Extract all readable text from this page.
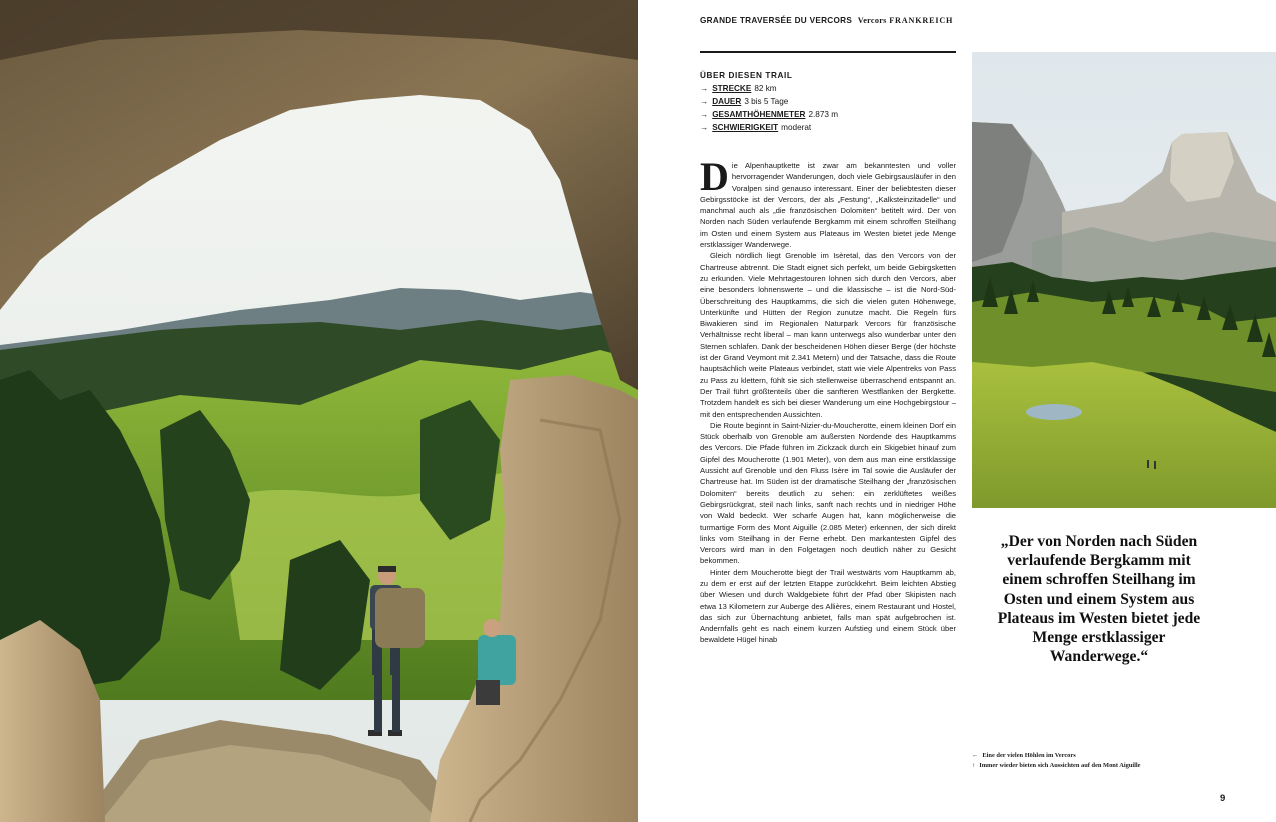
GRANDE TRAVERSÉE DU VERCORS Vercors FRANKREICH
ÜBER DIESEN TRAIL
→ STRECKE 82 km
→ DAUER 3 bis 5 Tage
→ GESAMTHÖHENMETER 2.873 m
→ SCHWIERIGKEIT moderat

Die Alpenhauptkette ist zwar am bekanntesten und voller hervorragender Wanderungen, doch viele Gebirgsausläufer in den Voralpen sind genauso interessant. Einer der beliebtesten dieser Gebirgsstöcke ist der Vercors, der als „Festung“, „Kalksteinzitadelle“ und manchmal auch als „die französischen Dolomiten“ betitelt wird. Der von Norden nach Süden verlaufende Bergkamm mit einem schroffen Steilhang im Osten und einem System aus Plateaus im Westen bietet jede Menge erstklassiger Wanderwege.

Gleich nördlich liegt Grenoble im Isèretal, das den Vercors von der Chartreuse abtrennt. Die Stadt eignet sich perfekt, um beide Gebirgsketten zu erkunden. Viele Mehrtagestouren lohnen sich durch den Vercors, aber eine besonders lohnenswerte – und die klassische – ist die Nord-Süd-Überschreitung des Hauptkamms, die sich die vielen guten Höhenwege, Unterkünfte und Hütten der Region zunutze macht. Die Regeln fürs Biwakieren sind im Regionalen Naturpark Vercors für französische Verhältnisse recht liberal – man kann unterwegs also wunderbar unter den Sternen schlafen. Dank der bescheidenen Höhen dieser Berge (der höchste ist der Grand Veymont mit 2.341 Metern) und der Tatsache, dass die Route hauptsächlich weite Plateaus verbindet, statt wie viele Alpentreks von Pass zu Pass zu klettern, fühlt sie sich stellenweise überraschend entspannt an. Der Trail führt größtenteils über die sanfteren Westflanken der Bergkette. Trotzdem handelt es sich bei dieser Wanderung um eine Hochgebirgstour – mit den entsprechenden Aussichten.

Die Route beginnt in Saint-Nizier-du-Moucherotte, einem kleinen Dorf ein Stück oberhalb von Grenoble am äußersten Nordende des Hauptkamms des Vercors. Die Pfade führen im Zickzack durch ein Skigebiet hinauf zum Gipfel des Moucherotte (1.901 Meter), von dem aus man eine erstklassige Aussicht auf Grenoble und den Fluss Isère im Tal sowie die Ausläufer der Chartreuse hat. Im Süden ist der dramatische Steilhang der „französischen Dolomiten“ bereits deutlich zu sehen: ein zerklüftetes weißes Gebirgsrückgrat, steil nach links, sanft nach rechts und in niedriger Höhe von Wald bedeckt. Wer scharfe Augen hat, kann möglicherweise die turmartige Form des Mont Aiguille (2.085 Meter) erkennen, der sich direkt links vom Steilhang in der Ferne erhebt. Den markantesten Gipfel des Vercors wird man in den Folgetagen noch deutlich näher zu Gesicht bekommen.

Hinter dem Moucherotte biegt der Trail westwärts vom Hauptkamm ab, zu dem er erst auf der letzten Etappe zurückkehrt. Beim leichten Abstieg über Wiesen und durch Waldgebiete führt der Pfad über Skipisten nach etwa 13 Kilometern zur Auberge des Allières, einem Restaurant und Hostel, das sich zur Übernachtung anbietet, falls man spät aufgebrochen ist. Andernfalls geht es nach einem kurzen Aufstieg und einem Stück über bewaldete Hügel hinab

„Der von Norden nach Süden verlaufende Bergkamm mit einem schroffen Steilhang im Osten und einem System aus Plateaus im Westen bietet jede Menge erstklassiger Wanderwege.“
← Eine der vielen Höhlen im Vercors
↑ Immer wieder bieten sich Aussichten auf den Mont Aiguille
9
